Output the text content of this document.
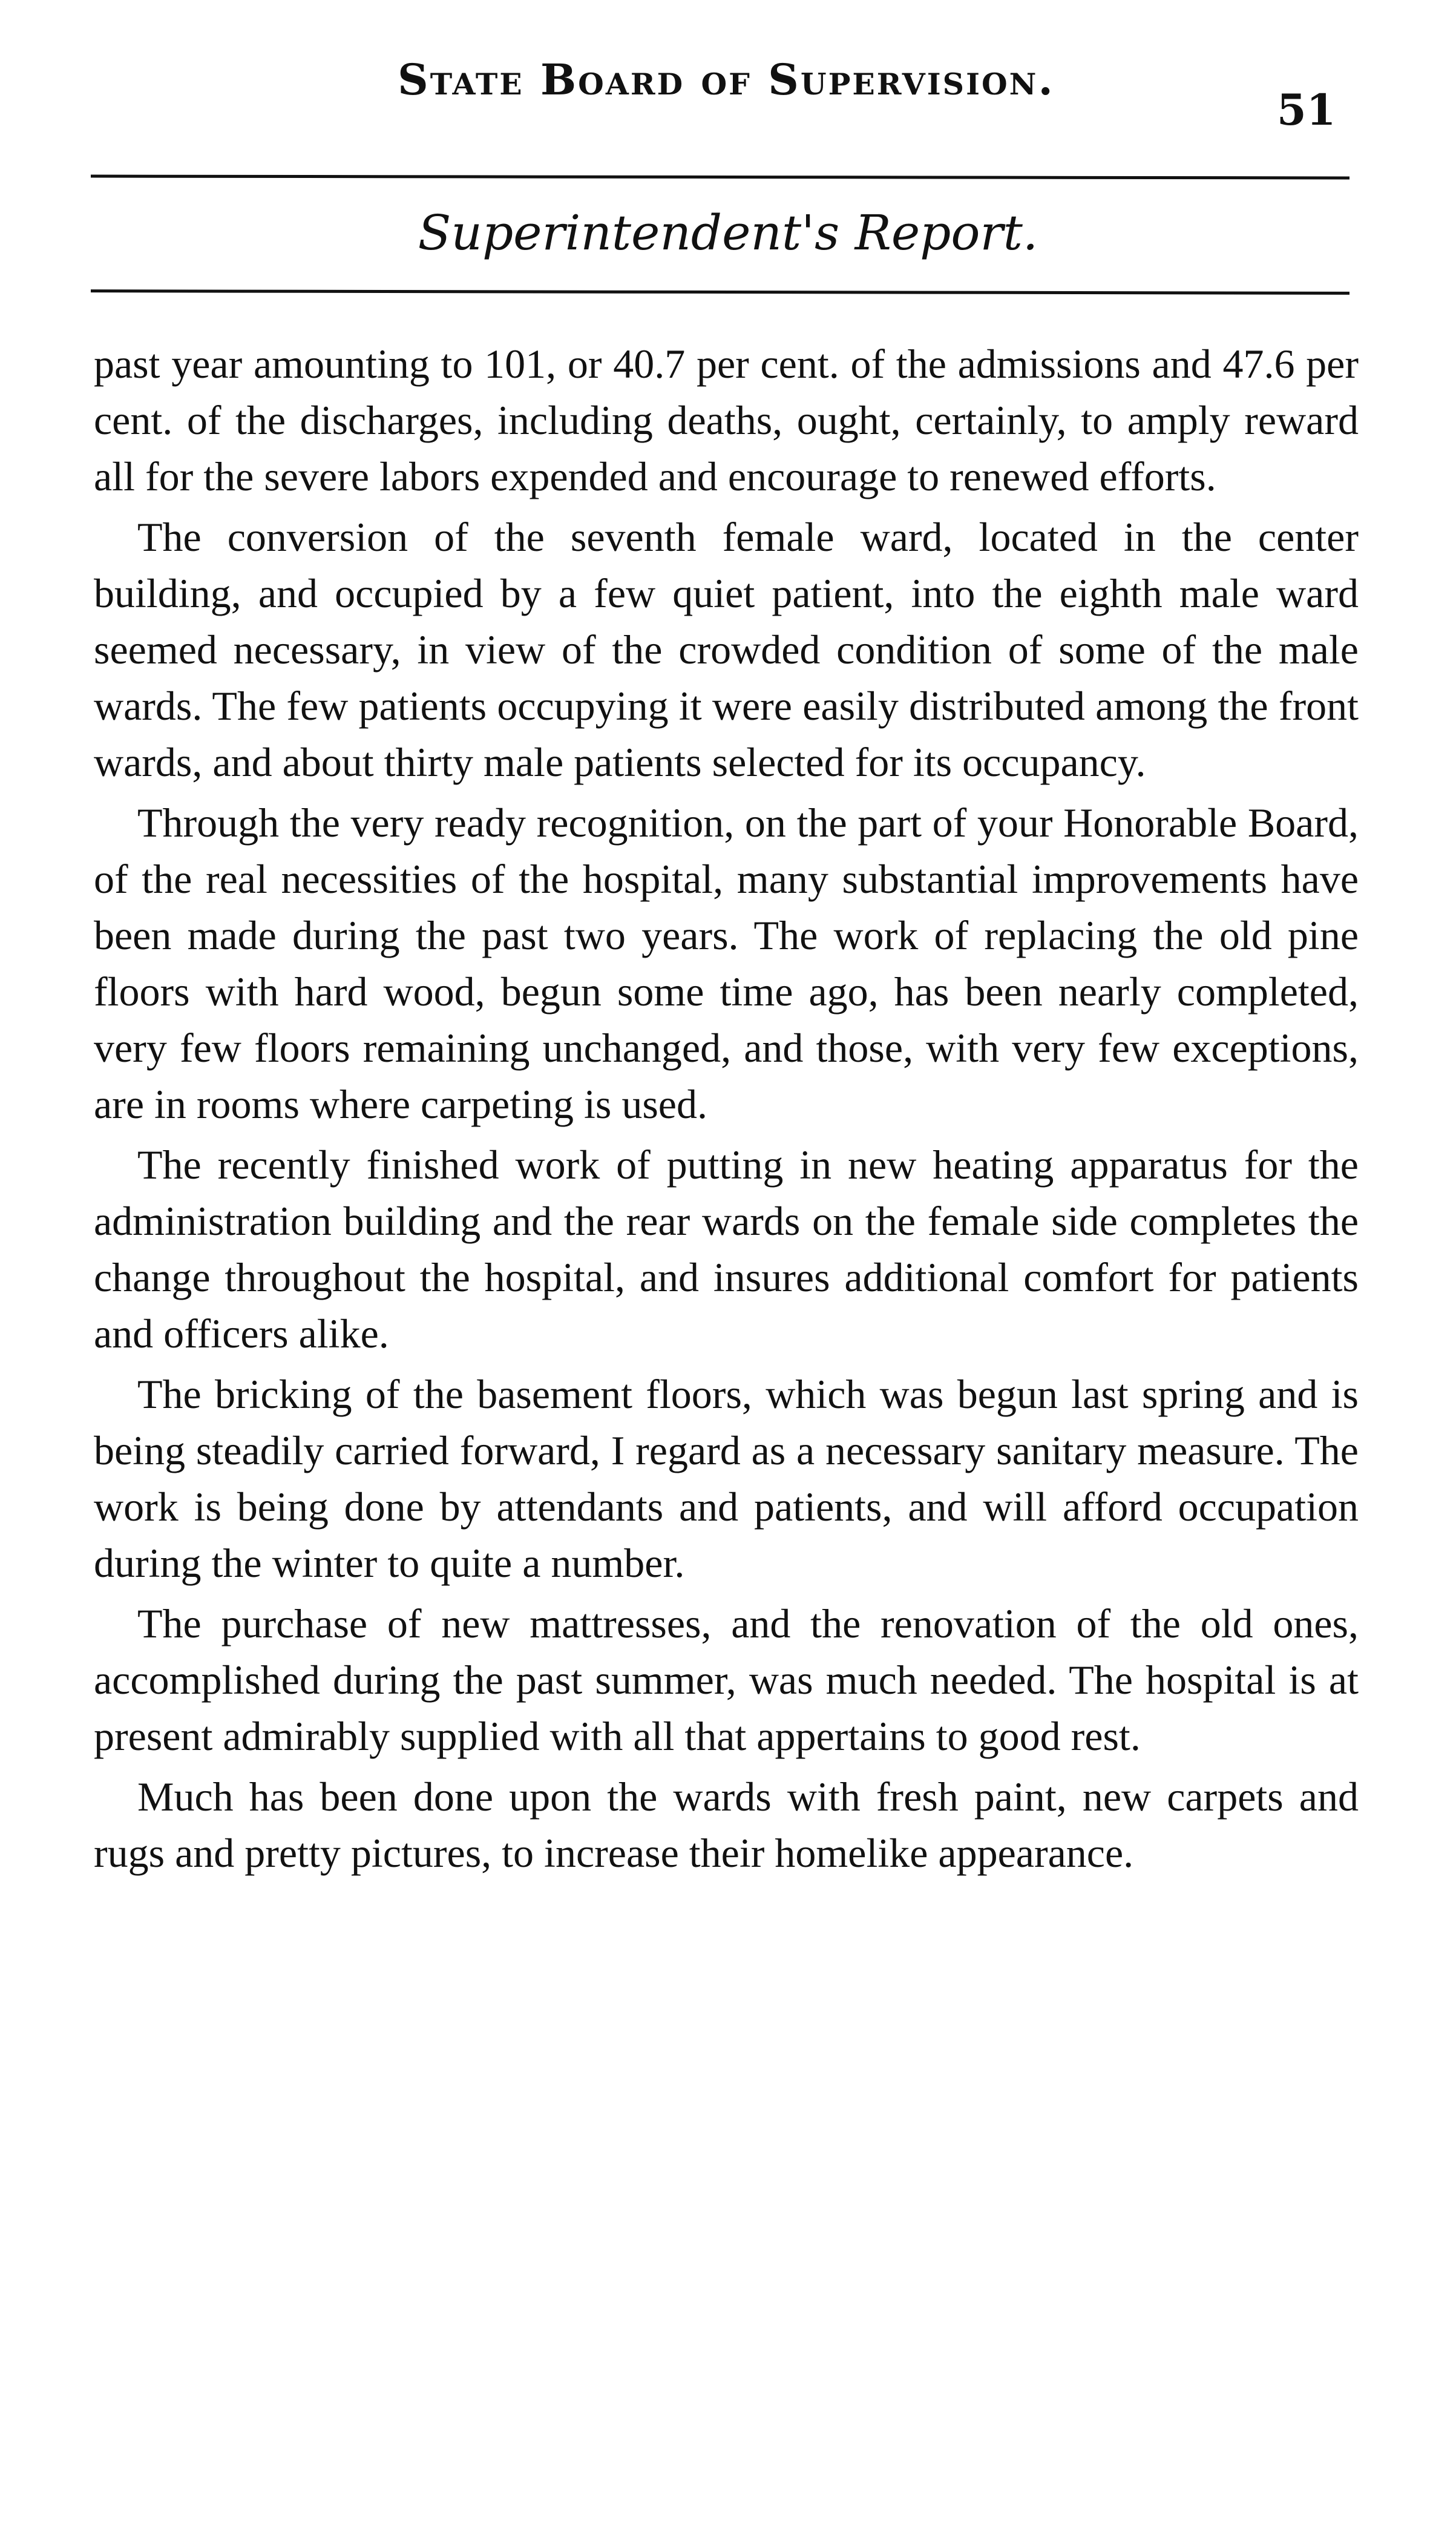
State Board of Supervision.
51
Superintendent's Report.

past year amounting to 101, or 40.7 per cent. of the admissions and 47.6 per cent. of the discharges, including deaths, ought, certainly, to amply reward all for the severe labors expended and encourage to renewed efforts.

The conversion of the seventh female ward, located in the center building, and occupied by a few quiet patient, into the eighth male ward seemed necessary, in view of the crowded condition of some of the male wards. The few patients occupying it were easily distributed among the front wards, and about thirty male patients selected for its occupancy.

Through the very ready recognition, on the part of your Honorable Board, of the real necessities of the hospital, many substantial improvements have been made during the past two years. The work of replacing the old pine floors with hard wood, begun some time ago, has been nearly completed, very few floors remaining unchanged, and those, with very few exceptions, are in rooms where carpeting is used.

The recently finished work of putting in new heating apparatus for the administration building and the rear wards on the female side completes the change throughout the hospital, and insures additional comfort for patients and officers alike.

The bricking of the basement floors, which was begun last spring and is being steadily carried forward, I regard as a necessary sanitary measure. The work is being done by attendants and patients, and will afford occupation during the winter to quite a number.

The purchase of new mattresses, and the renovation of the old ones, accomplished during the past summer, was much needed. The hospital is at present admirably supplied with all that appertains to good rest.

Much has been done upon the wards with fresh paint, new carpets and rugs and pretty pictures, to increase their homelike appearance.
